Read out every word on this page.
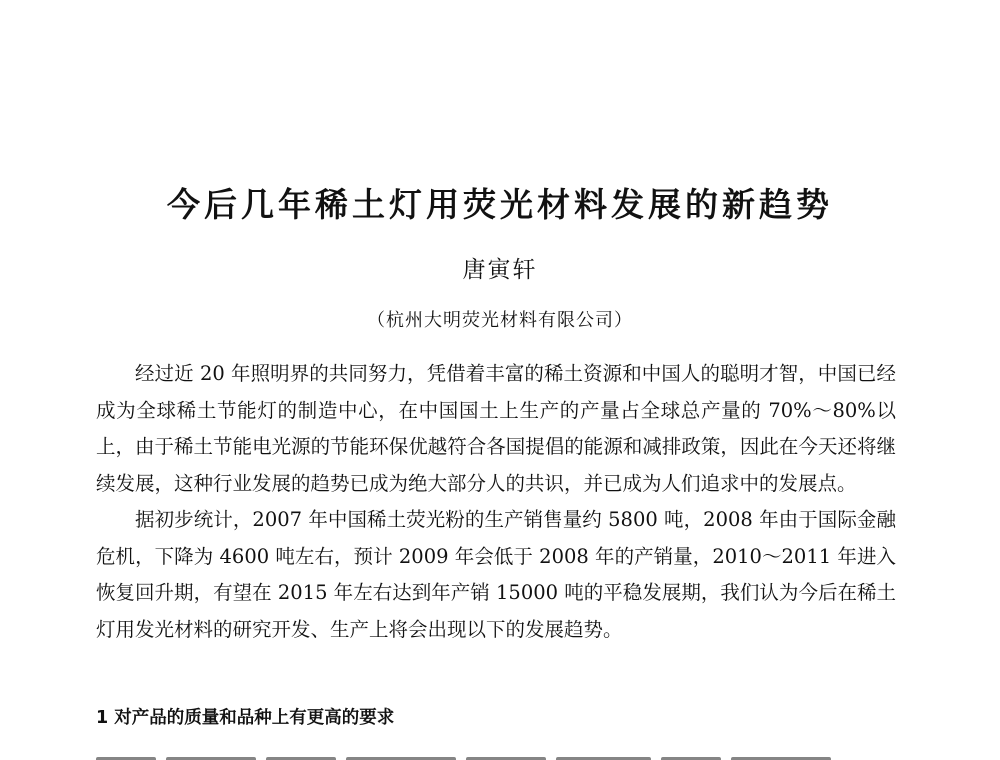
今后几年稀土灯用荧光材料发展的新趋势
唐寅轩
（杭州大明荧光材料有限公司）

经过近 20 年照明界的共同努力，凭借着丰富的稀土资源和中国人的聪明才智，中国已经成为全球稀土节能灯的制造中心，在中国国土上生产的产量占全球总产量的 70%～80%以上，由于稀土节能电光源的节能环保优越符合各国提倡的能源和减排政策，因此在今天还将继续发展，这种行业发展的趋势已成为绝大部分人的共识，并已成为人们追求中的发展点。

据初步统计，2007 年中国稀土荧光粉的生产销售量约 5800 吨，2008 年由于国际金融危机，下降为 4600 吨左右，预计 2009 年会低于 2008 年的产销量，2010～2011 年进入恢复回升期，有望在 2015 年左右达到年产销 15000 吨的平稳发展期，我们认为今后在稀土灯用发光材料的研究开发、生产上将会出现以下的发展趋势。

1 对产品的质量和品种上有更高的要求
